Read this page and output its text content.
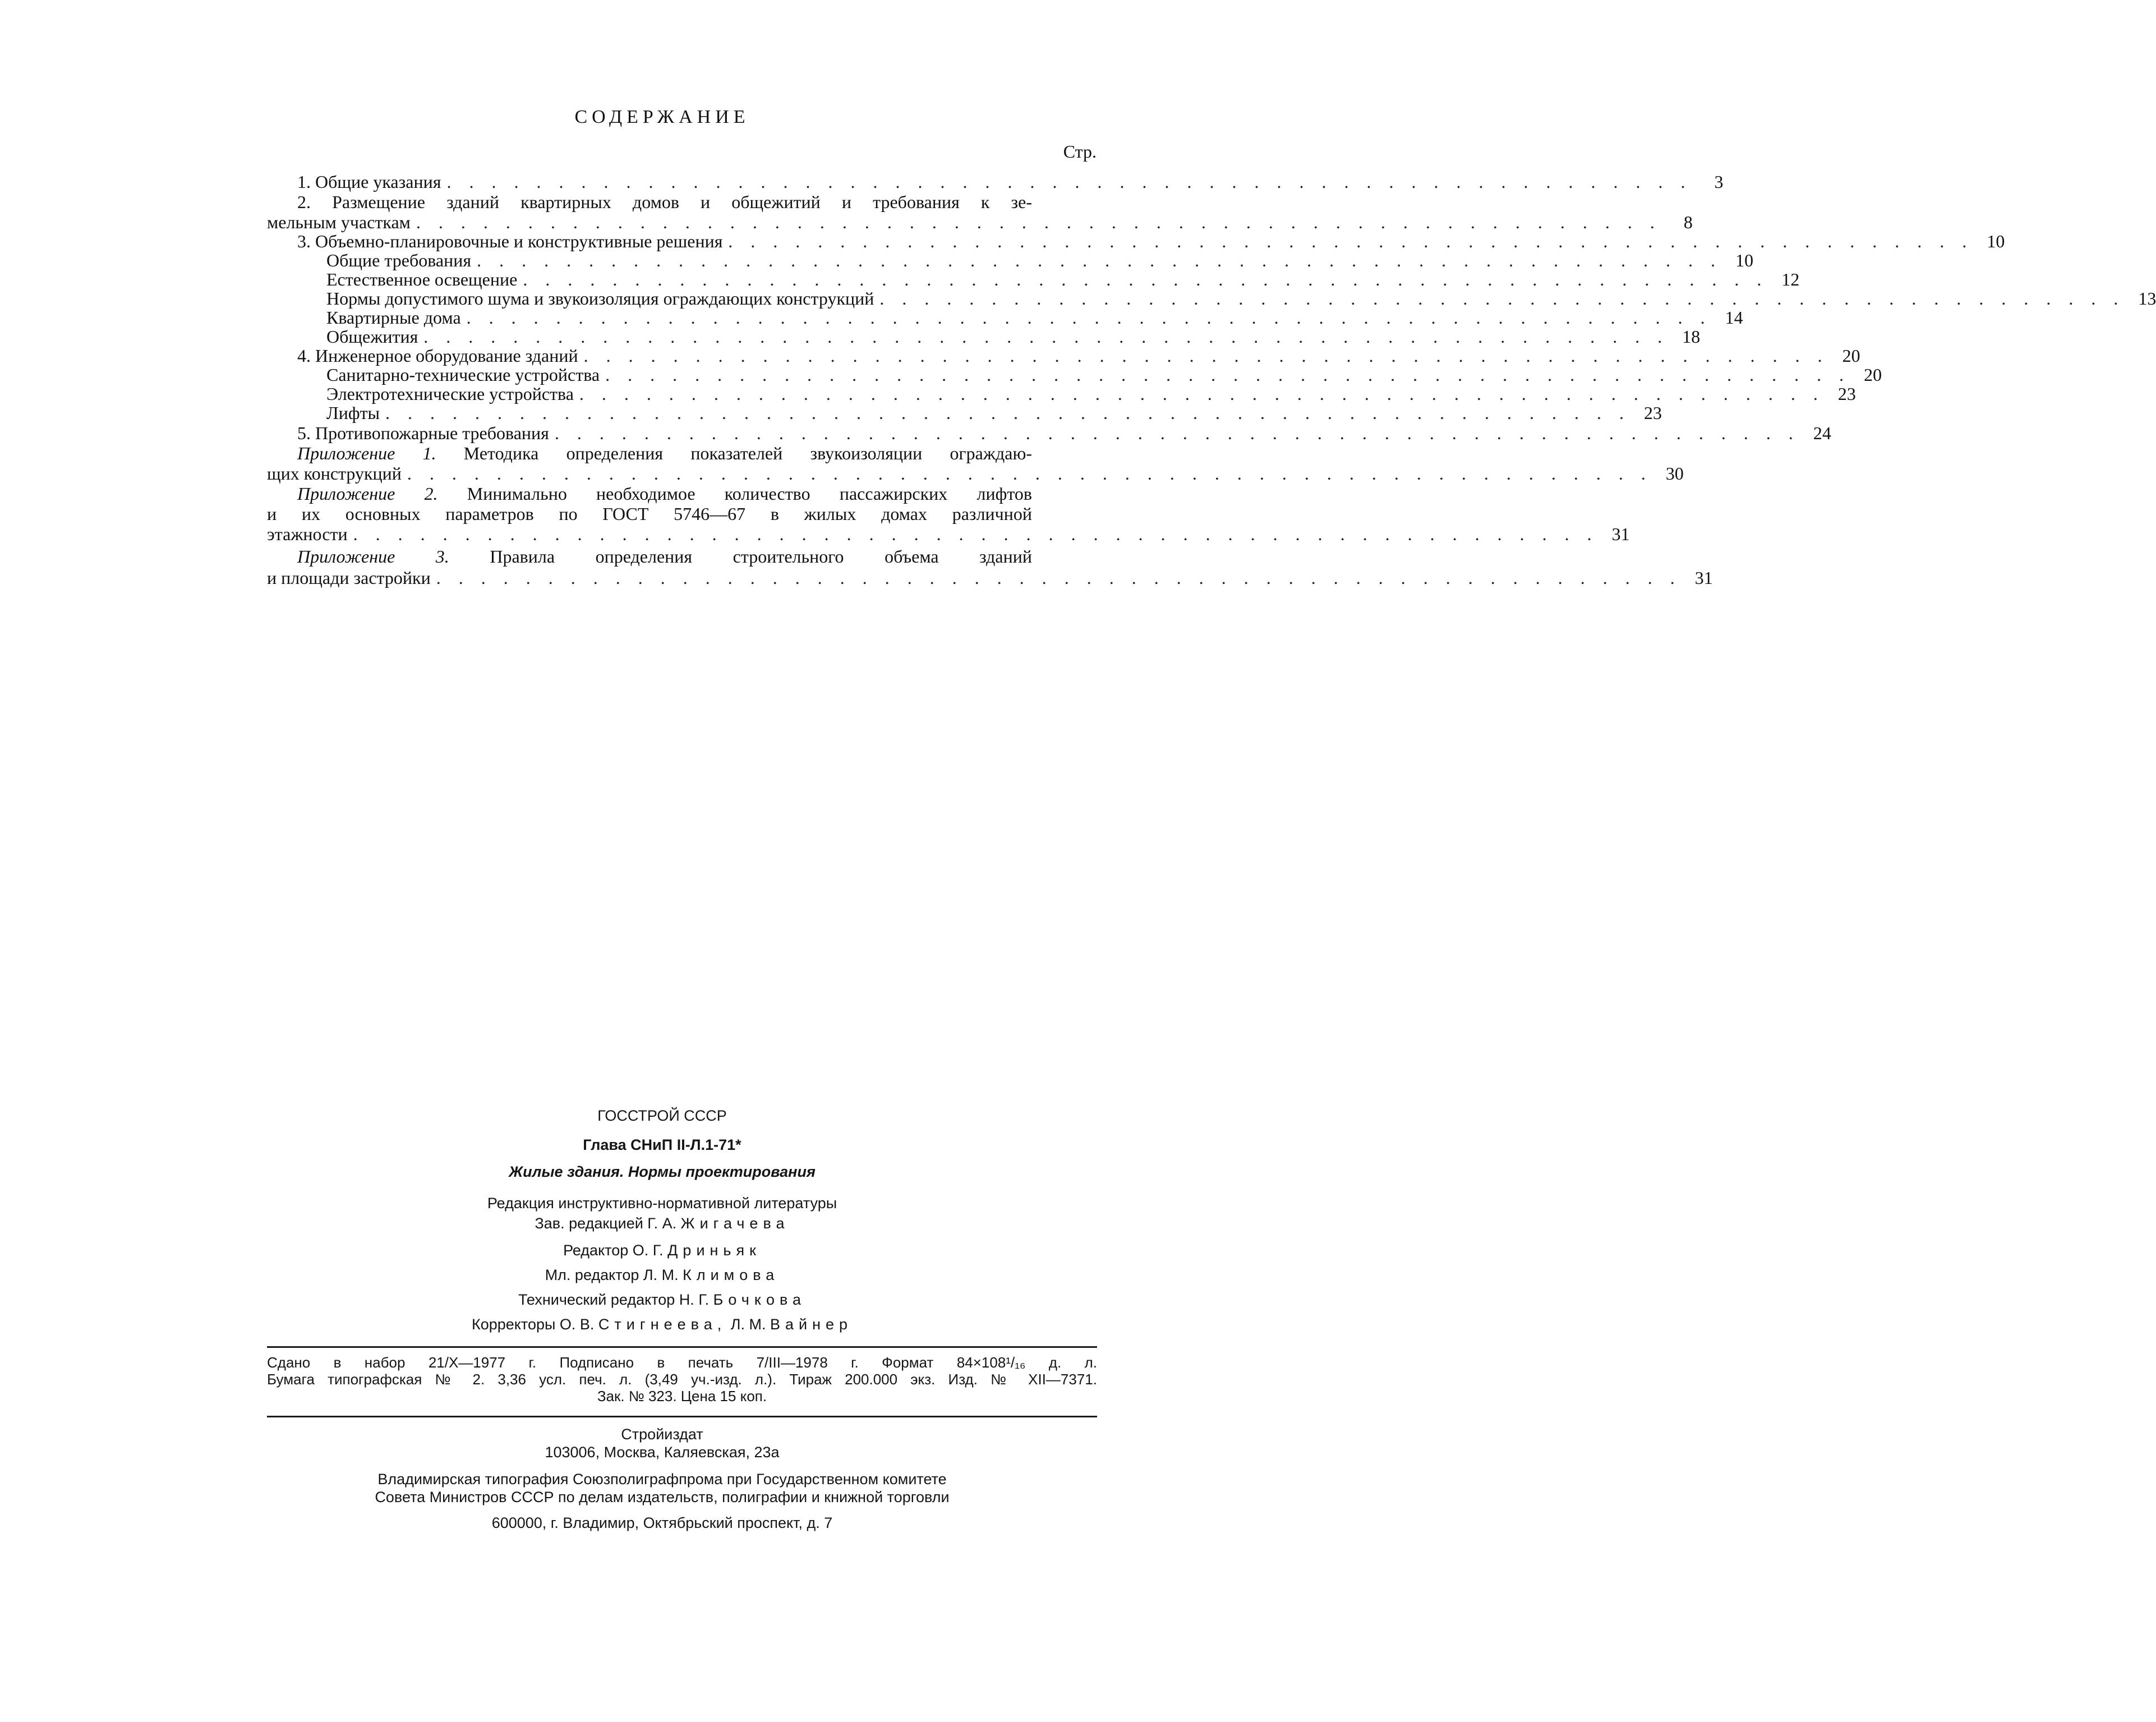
СОДЕРЖАНИЕ
Стр.
1. Общие указания . . . . . . . . . . . . . . . . . . . . . . . . . . . . . . . . . . . . . . . . . . . . . . . . . . . . . . . .	3
2. Размещение зданий квартирных домов и общежитий и требования к зе-
мельным участкам . . . . . . . . . . . . . . . . . . . . . . . . . . . . . . . . . . . . . . . . . . . . . . . . . . . . . . . .	8
3. Объемно-планировочные и конструктивные решения . . . . . . . . . . . . . . . . . . . . . . . . . . . . . . . . . . . . . . . . . . . . . . . . . . . . . . . . 10
Общие требования . . . . . . . . . . . . . . . . . . . . . . . . . . . . . . . . . . . . . . . . . . . . . . . . . . . . . . . . 10
Естественное освещение . . . . . . . . . . . . . . . . . . . . . . . . . . . . . . . . . . . . . . . . . . . . . . . . . . . . . . . . 12
Нормы допустимого шума и звукоизоляция ограждающих конструкций . . . . . . . . . . . . . . . . . . . . . . . . . . . . . . . . . . . . . . . . . . . . . . . . . . . . . . . . 13
Квартирные дома . . . . . . . . . . . . . . . . . . . . . . . . . . . . . . . . . . . . . . . . . . . . . . . . . . . . . . . . 14
Общежития . . . . . . . . . . . . . . . . . . . . . . . . . . . . . . . . . . . . . . . . . . . . . . . . . . . . . . . . 18
4. Инженерное оборудование зданий . . . . . . . . . . . . . . . . . . . . . . . . . . . . . . . . . . . . . . . . . . . . . . . . . . . . . . . . 20
Санитарно-технические устройства . . . . . . . . . . . . . . . . . . . . . . . . . . . . . . . . . . . . . . . . . . . . . . . . . . . . . . . . 20
Электротехнические устройства . . . . . . . . . . . . . . . . . . . . . . . . . . . . . . . . . . . . . . . . . . . . . . . . . . . . . . . . 23
Лифты . . . . . . . . . . . . . . . . . . . . . . . . . . . . . . . . . . . . . . . . . . . . . . . . . . . . . . . . 23
5. Противопожарные требования . . . . . . . . . . . . . . . . . . . . . . . . . . . . . . . . . . . . . . . . . . . . . . . . . . . . . . . . 24
Приложение 1. Методика определения показателей звукоизоляции ограждаю-
щих конструкций . . . . . . . . . . . . . . . . . . . . . . . . . . . . . . . . . . . . . . . . . . . . . . . . . . . . . . . . 30
Приложение 2. Минимально необходимое количество пассажирских лифтов
и их основных параметров по ГОСТ 5746—67 в жилых домах различной
этажности . . . . . . . . . . . . . . . . . . . . . . . . . . . . . . . . . . . . . . . . . . . . . . . . . . . . . . . . 31
Приложение 3. Правила определения строительного объема зданий
и площади застройки . . . . . . . . . . . . . . . . . . . . . . . . . . . . . . . . . . . . . . . . . . . . . . . . . . . . . . . . 31
ГОССТРОЙ СССР
Глава СНиП II-Л.1-71*
Жилые здания. Нормы проектирования
Редакция инструктивно-нормативной литературы
Зав. редакцией Г. А. Жигачева
Редактор О. Г. Дриньяк
Мл. редактор Л. М. Климова
Технический редактор Н. Г. Бочкова
Корректоры О. В. Стигнеева, Л. М. Вайнер
Сдано в набор 21/X—1977 г. Подписано в печать 7/III—1978 г. Формат 84×108¹/₁₆ д. л.
Бумага типографская № 2. 3,36 усл. печ. л. (3,49 уч.-изд. л.). Тираж 200.000 экз. Изд. № XII—7371.
Зак. № 323. Цена 15 коп.
Стройиздат
103006, Москва, Каляевская, 23а
Владимирская типография Союзполиграфпрома при Государственном комитете
Совета Министров СССР по делам издательств, полиграфии и книжной торговли
600000, г. Владимир, Октябрьский проспект, д. 7
